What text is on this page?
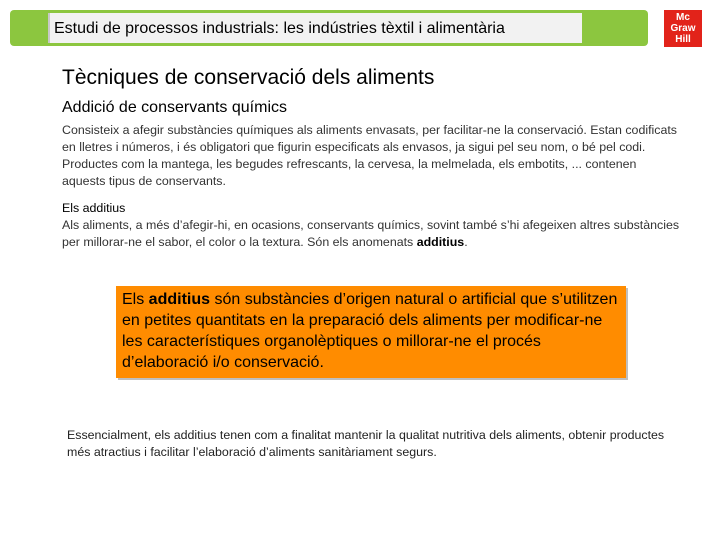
Estudi de processos industrials: les indústries tèxtil i alimentària
Mc
Graw
Hill
Tècniques de conservació dels aliments
Addició de conservants químics
Consisteix a afegir substàncies químiques als aliments envasats, per facilitar-ne la conservació. Estan codificats en lletres i números, i és obligatori que figurin especificats als envasos, ja sigui pel seu nom, o bé pel codi. Productes com la mantega, les begudes refrescants, la cervesa, la melmelada, els embotits, ... contenen aquests tipus de conservants.
Els additius
Als aliments, a més d’afegir-hi, en ocasions, conservants químics, sovint també s’hi afegeixen altres substàncies per millorar-ne el sabor, el color o la textura. Són els anomenats additius.
Els additius són substàncies d’origen natural o artificial que s’utilitzen en petites quantitats en la preparació dels aliments per modificar-ne les característiques organolèptiques o millorar-ne el procés d’elaboració i/o conservació.
Essencialment, els additius tenen com a finalitat mantenir la qualitat nutritiva dels aliments, obtenir productes més atractius i facilitar l’elaboració d’aliments sanitàriament segurs.
